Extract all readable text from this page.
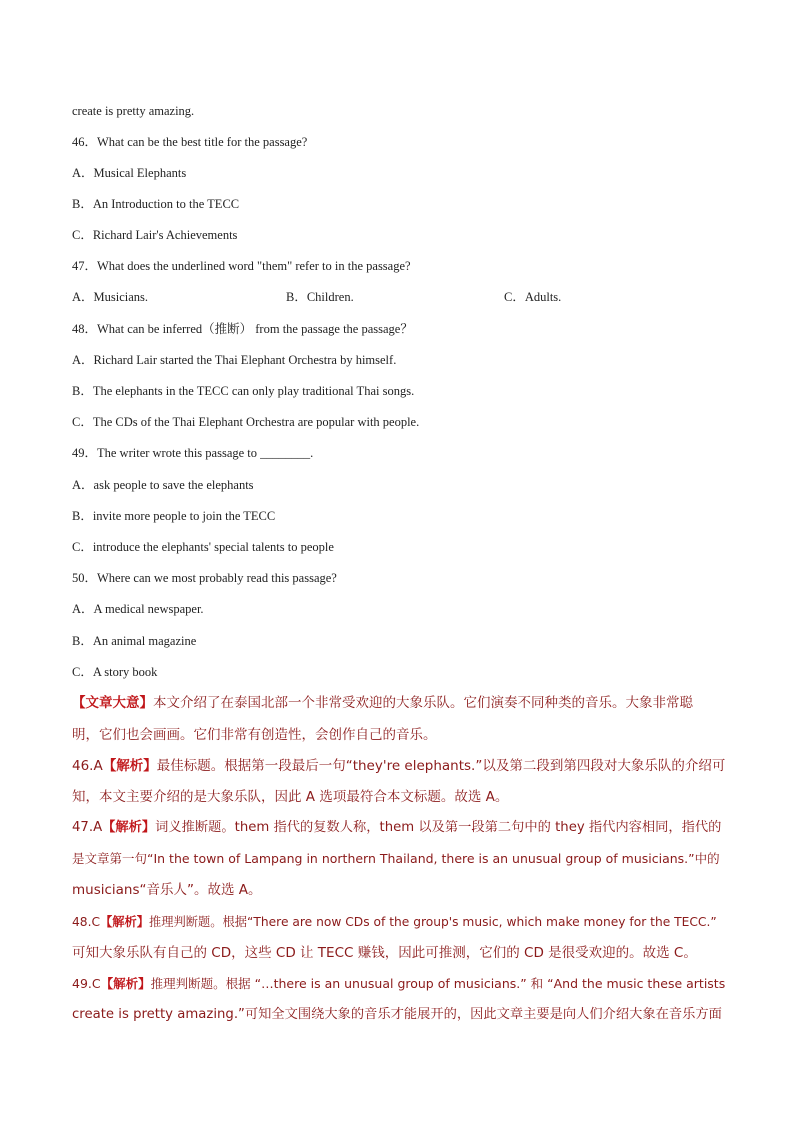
create is pretty amazing.
46．What can be the best title for the passage?
A．Musical Elephants
B．An Introduction to the TECC
C．Richard Lair's Achievements
47．What does the underlined word "them" refer to in the passage?
A．Musicians.	B．Children.	C．Adults.
48．What can be inferred（推断） from the passage the passage？
A．Richard Lair started the Thai Elephant Orchestra by himself.
B．The elephants in the TECC can only play traditional Thai songs.
C．The CDs of the Thai Elephant Orchestra are popular with people.
49．The writer wrote this passage to ________.
A．ask people to save the elephants
B．invite more people to join the TECC
C．introduce the elephants' special talents to people
50．Where can we most probably read this passage?
A．A medical newspaper.
B．An animal magazine
C．A story book
【文章大意】本文介绍了在泰国北部一个非常受欢迎的大象乐队。它们演奏不同种类的音乐。大象非常聪
明，它们也会画画。它们非常有创造性，会创作自己的音乐。
46.A【解析】最佳标题。根据第一段最后一句“they're elephants.”以及第二段到第四段对大象乐队的介绍可
知，本文主要介绍的是大象乐队，因此 A 选项最符合本文标题。故选 A。
47.A【解析】词义推断题。them 指代的复数人称，them 以及第一段第二句中的 they 指代内容相同，指代的
是文章第一句“In the town of Lampang in northern Thailand, there is an unusual group of musicians.”中的
musicians“音乐人”。故选 A。
48.C【解析】推理判断题。根据“There are now CDs of the group's music, which make money for the TECC.”
可知大象乐队有自己的 CD，这些 CD 让 TECC 赚钱，因此可推测，它们的 CD 是很受欢迎的。故选 C。
49.C【解析】推理判断题。根据 “…there is an unusual group of musicians.” 和 “And the music these artists
create is pretty amazing.”可知全文围绕大象的音乐才能展开的，因此文章主要是向人们介绍大象在音乐方面
